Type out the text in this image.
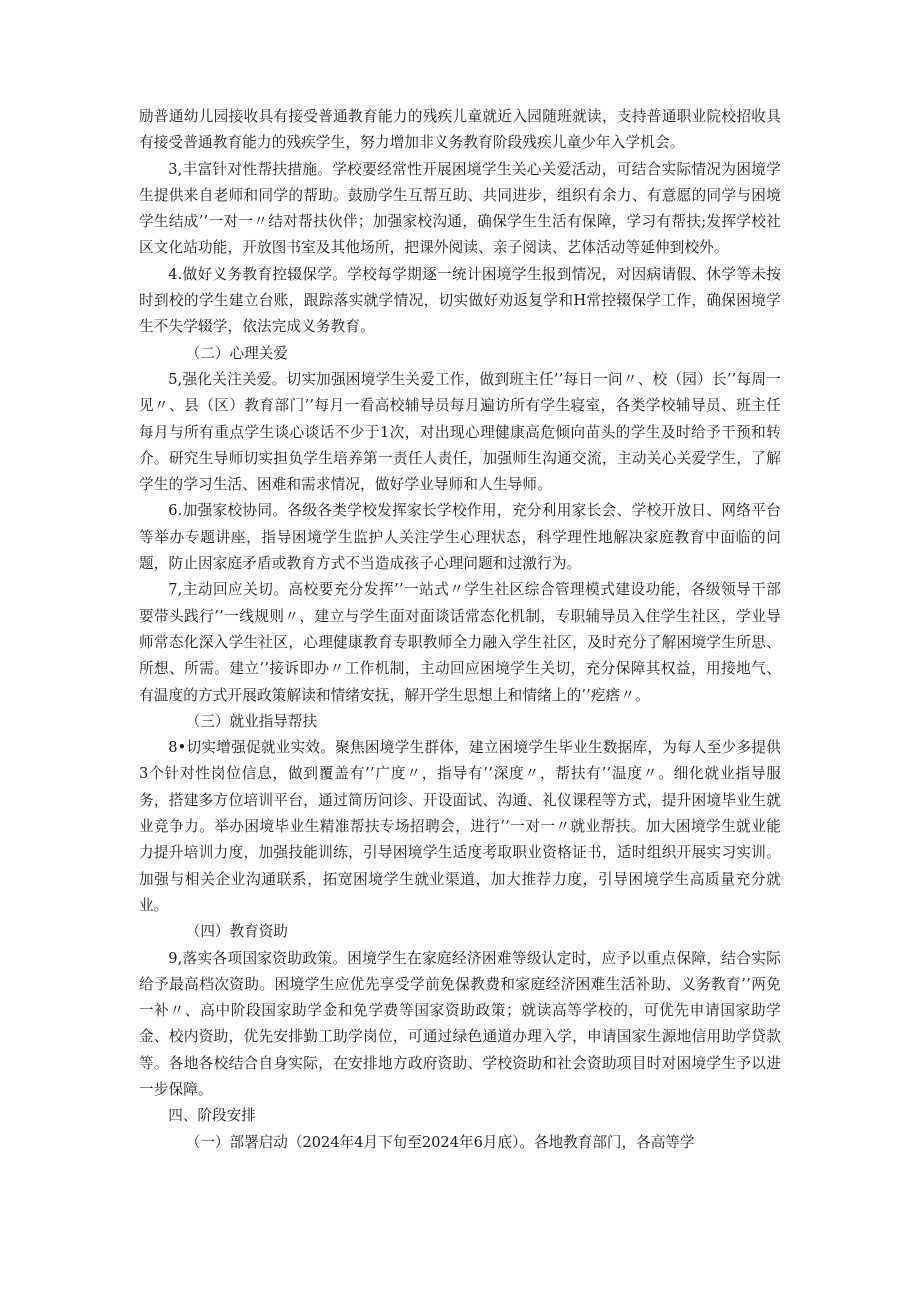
励普通幼儿园接收具有接受普通教育能力的残疾儿童就近入园随班就读，支持普通职业院校招收具有接受普通教育能力的残疾学生，努力增加非义务教育阶段残疾儿童少年入学机会。

3,丰富针对性帮扶措施。学校要经常性开展困境学生关心关爱活动，可结合实际情况为困境学生提供来自老师和同学的帮助。鼓励学生互帮互助、共同进步，组织有余力、有意愿的同学与困境学生结成’’一对一〃结对帮扶伙伴；加强家校沟通，确保学生生活有保障，学习有帮扶;发挥学校社区文化站功能，开放图书室及其他场所，把课外阅读、亲子阅读、艺体活动等延伸到校外。

4.做好义务教育控辍保学。学校每学期逐一统计困境学生报到情况，对因病请假、休学等未按时到校的学生建立台账，跟踪落实就学情况，切实做好劝返复学和H常控辍保学工作，确保困境学生不失学辍学，依法完成义务教育。

（二）心理关爱

5,强化关注关爱。切实加强困境学生关爱工作，做到班主任’’每日一问〃、校（园）长’’每周一见〃、县（区）教育部门’’每月一看高校辅导员每月遍访所有学生寝室，各类学校辅导员、班主任每月与所有重点学生谈心谈话不少于1次，对出现心理健康高危倾向苗头的学生及时给予干预和转介。研究生导师切实担负学生培养第一责任人责任，加强师生沟通交流，主动关心关爱学生，了解学生的学习生活、困难和需求情况，做好学业导师和人生导师。

6.加强家校协同。各级各类学校发挥家长学校作用，充分利用家长会、学校开放日、网络平台等举办专题讲座，指导困境学生监护人关注学生心理状态，科学理性地解决家庭教育中面临的问题，防止因家庭矛盾或教育方式不当造成孩子心理问题和过激行为。

7,主动回应关切。高校要充分发挥’’一站式〃学生社区综合管理模式建设功能，各级领导干部要带头践行’’一线规则〃，建立与学生面对面谈话常态化机制，专职辅导员入住学生社区，学业导师常态化深入学生社区，心理健康教育专职教师全力融入学生社区，及时充分了解困境学生所思、所想、所需。建立’’接诉即办〃工作机制，主动回应困境学生关切，充分保障其权益，用接地气、有温度的方式开展政策解读和情绪安抚，解开学生思想上和情绪上的’’疙瘩〃。

（三）就业指导帮扶

8•切实增强促就业实效。聚焦困境学生群体，建立困境学生毕业生数据库，为每人至少多提供3个针对性岗位信息，做到覆盖有’’广度〃，指导有’’深度〃，帮扶有’’温度〃。细化就业指导服务，搭建多方位培训平台，通过简历问诊、开设面试、沟通、礼仪课程等方式，提升困境毕业生就业竞争力。举办困境毕业生精准帮扶专场招聘会，进行’’一对一〃就业帮扶。加大困境学生就业能力提升培训力度，加强技能训练，引导困境学生适度考取职业资格证书，适时组织开展实习实训。加强与相关企业沟通联系，拓宽困境学生就业渠道，加大推荐力度，引导困境学生高质量充分就业。

（四）教育资助

9,落实各项国家资助政策。困境学生在家庭经济困难等级认定时，应予以重点保障，结合实际给予最高档次资助。困境学生应优先享受学前免保教费和家庭经济困难生活补助、义务教育’’两免一补〃、高中阶段国家助学金和免学费等国家资助政策；就读高等学校的，可优先申请国家助学金、校内资助，优先安排勤工助学岗位，可通过绿色通道办理入学，申请国家生源地信用助学贷款等。各地各校结合自身实际，在安排地方政府资助、学校资助和社会资助项目时对困境学生予以进一步保障。

四、阶段安排

（一）部署启动（2024年4月下旬至2024年6月底）。各地教育部门，各高等学
